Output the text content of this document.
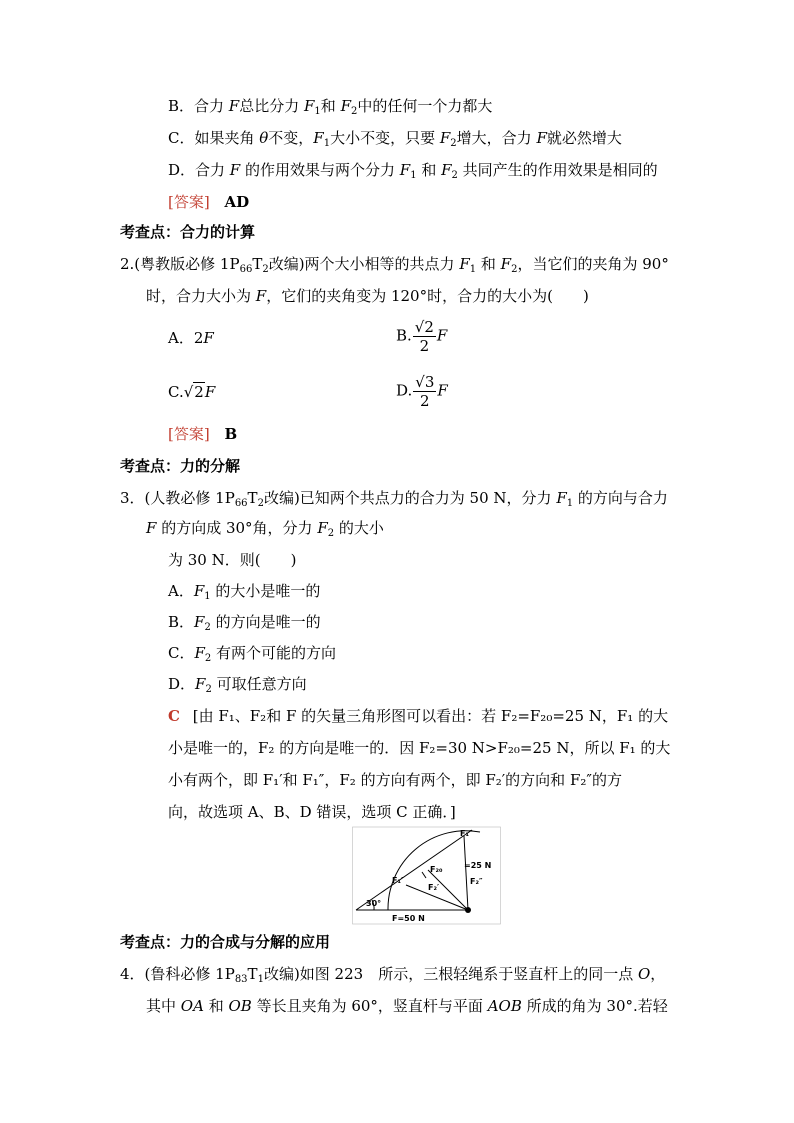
B．合力 F总比分力 $F_1$和 $F_2$中的任何一个力都大
C．如果夹角 θ不变，$F_1$大小不变，只要 $F_2$增大，合力 F就必然增大
D．合力 F 的作用效果与两个分力 $F_1$ 和 $F_2$ 共同产生的作用效果是相同的
[答案] AD
考查点：合力的计算
2.(粤教版必修 $1P_{66}T_2$改编)两个大小相等的共点力 $F_1$ 和 $F_2$，当它们的夹角为 90°
时，合力大小为 F，它们的夹角变为 120°时，合力的大小为(　　)
A．2F	B. $\frac{√2}{2}$ F
C.√2F	D. $\frac{√3}{2}$ F
[答案] B
考查点：力的分解
3．(人教必修 $1P_{66}T_2$改编)已知两个共点力的合力为 50 N，分力 $F_1$ 的方向与合力
F 的方向成 30°角，分力 $F_2$ 的大小
为 30 N．则(　　)
A．$F_1$ 的大小是唯一的
B．$F_2$ 的方向是唯一的
C．$F_2$ 有两个可能的方向
D．$F_2$ 可取任意方向
C [由 F₁、F₂和 F 的矢量三角形图可以看出：若 F₂=F₂₀=25 N，F₁ 的大
小是唯一的，F₂ 的方向是唯一的．因 F₂=30 N>F₂₀=25 N，所以 F₁ 的大
小有两个，即 F₁′和 F₁″，F₂ 的方向有两个，即 F₂′的方向和 F₂″的方
向，故选项 A、B、D 错误，选项 C 正确．]
30°
F=50 N
F₁′
F₁″
F₂₀	=25 N
F₂′
F₂″
考查点：力的合成与分解的应用
4．(鲁科必修 $1P_{83}T_1$改编)如图 223　所示，三根轻绳系于竖直杆上的同一点 O，
其中 OA 和 OB 等长且夹角为 60°，竖直杆与平面 AOB 所成的角为 30°.若轻
